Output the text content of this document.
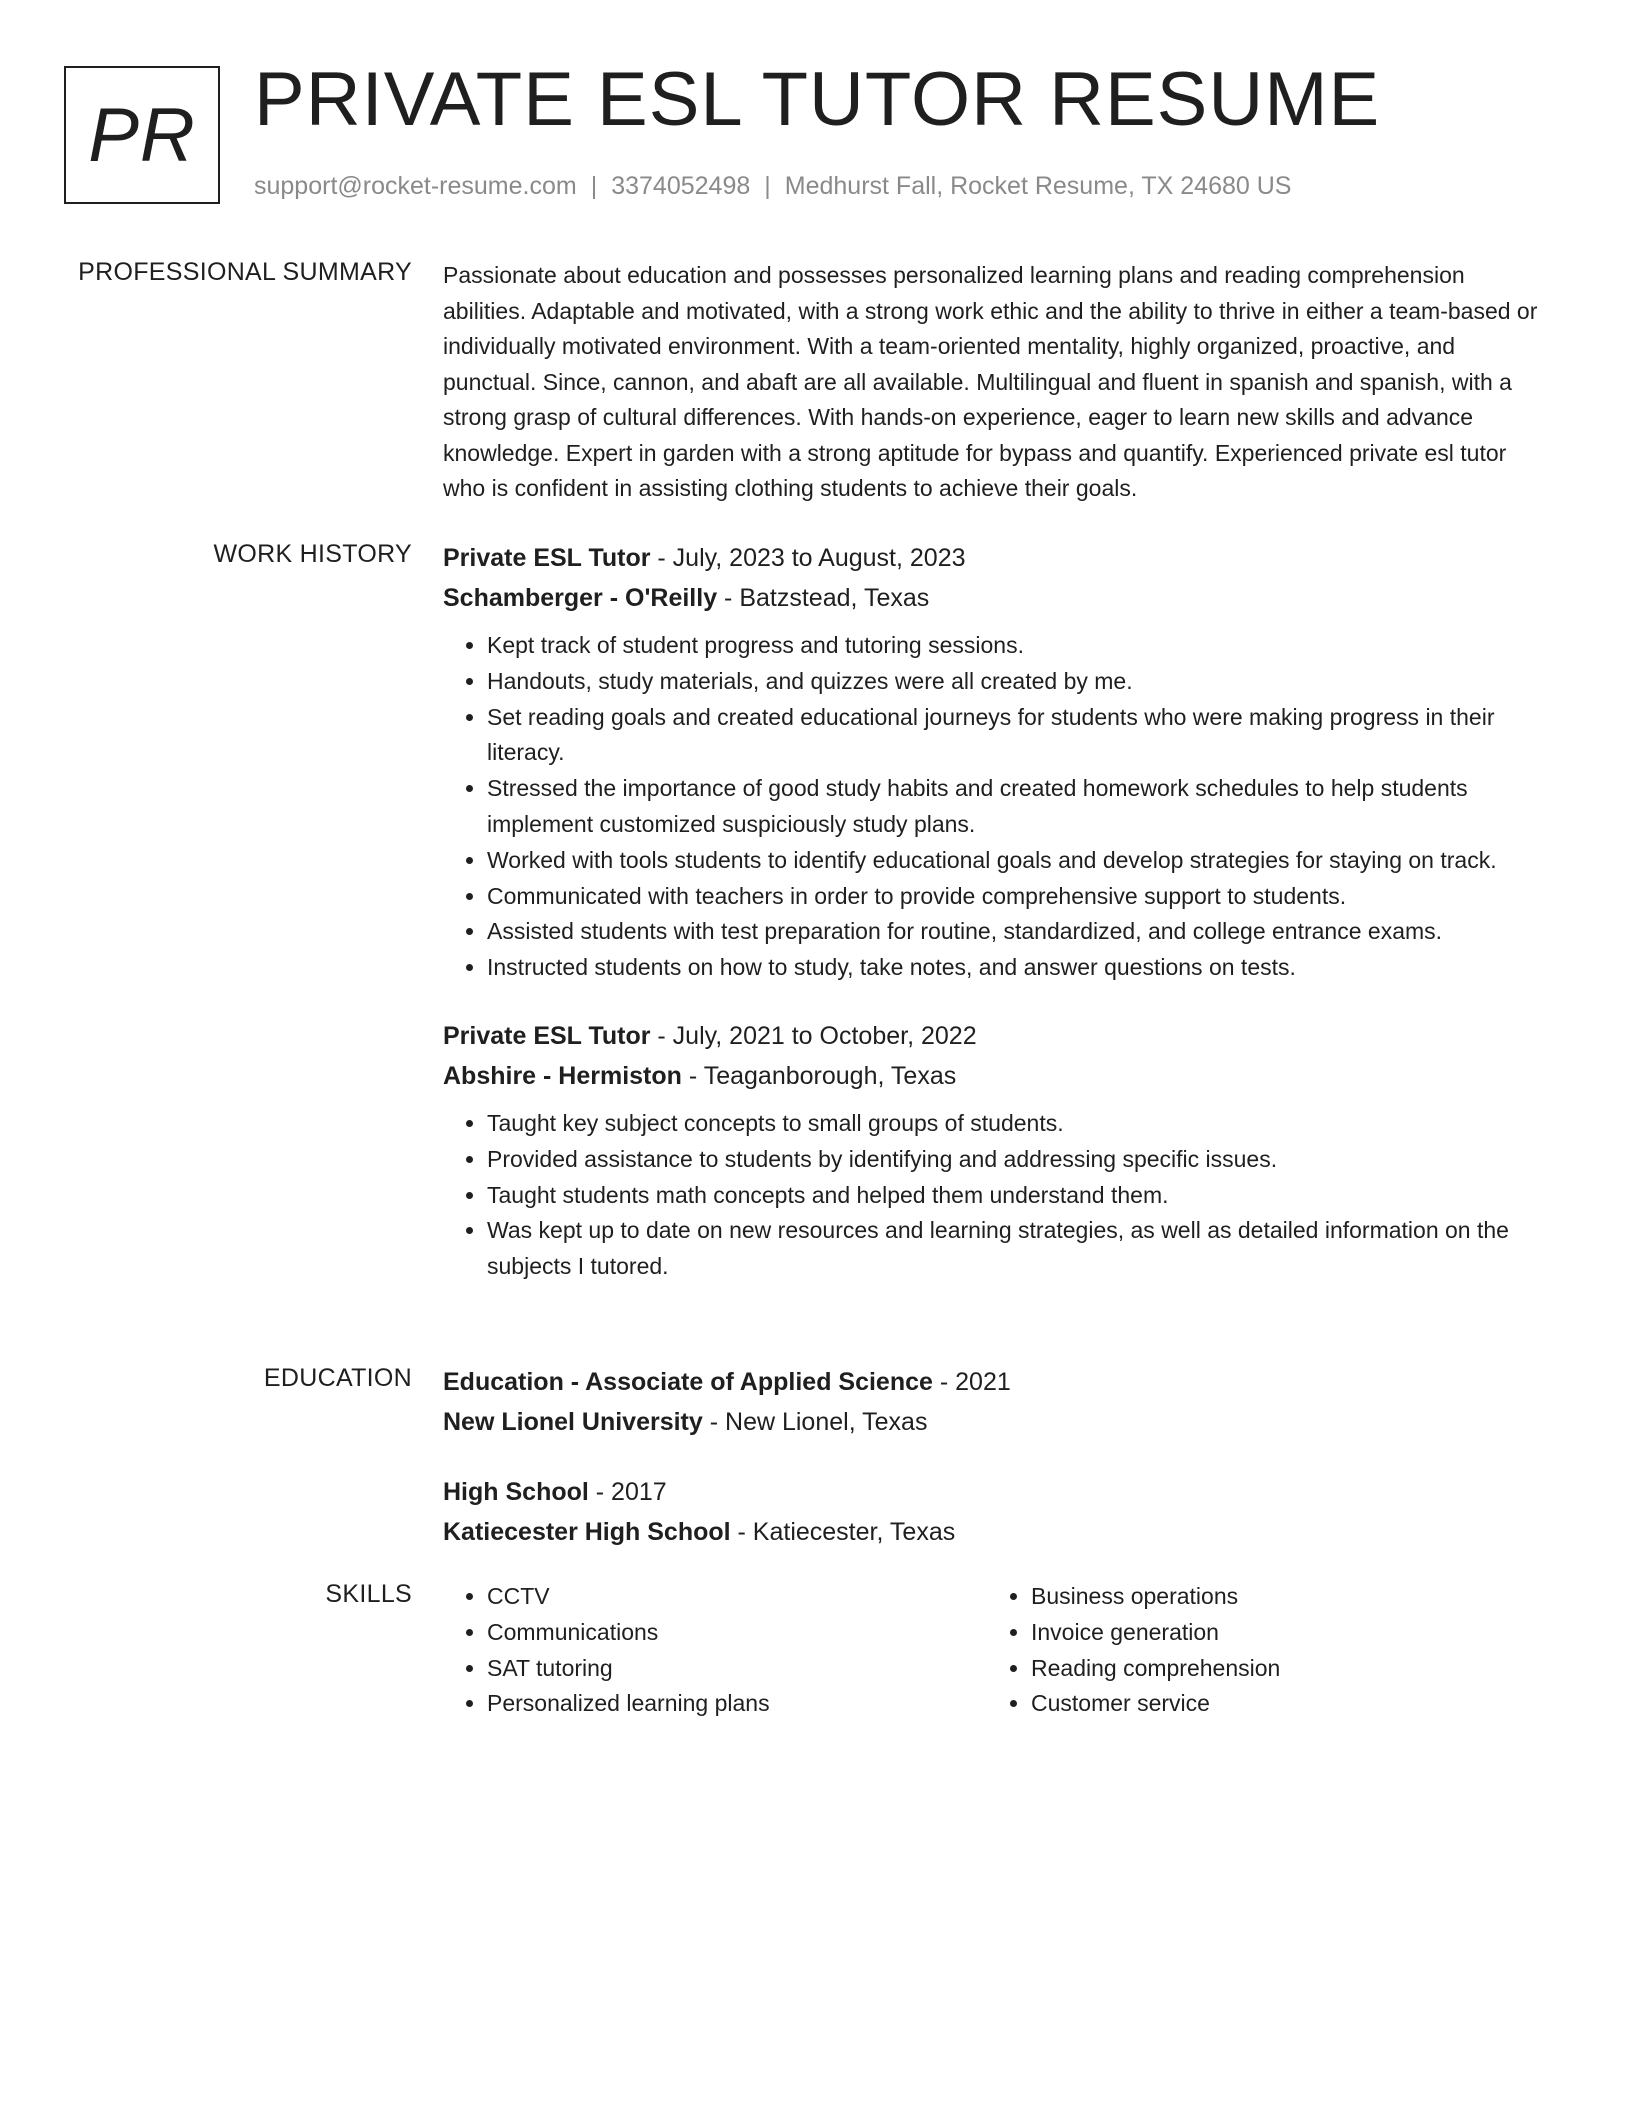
PR PRIVATE ESL TUTOR RESUME
support@rocket-resume.com | 3374052498 | Medhurst Fall, Rocket Resume, TX 24680 US
PROFESSIONAL SUMMARY Passionate about education and possesses personalized learning plans and reading comprehension abilities. Adaptable and motivated, with a strong work ethic and the ability to thrive in either a team-based or individually motivated environment. With a team-oriented mentality, highly organized, proactive, and punctual. Since, cannon, and abaft are all available. Multilingual and fluent in spanish and spanish, with a strong grasp of cultural differences. With hands-on experience, eager to learn new skills and advance knowledge. Expert in garden with a strong aptitude for bypass and quantify. Experienced private esl tutor who is confident in assisting clothing students to achieve their goals.

WORK HISTORY Private ESL Tutor - July, 2023 to August, 2023
Schamberger - O'Reilly - Batzstead, Texas
• Kept track of student progress and tutoring sessions.
• Handouts, study materials, and quizzes were all created by me.
• Set reading goals and created educational journeys for students who were making progress in their literacy.
• Stressed the importance of good study habits and created homework schedules to help students implement customized suspiciously study plans.
• Worked with tools students to identify educational goals and develop strategies for staying on track.
• Communicated with teachers in order to provide comprehensive support to students.
• Assisted students with test preparation for routine, standardized, and college entrance exams.
• Instructed students on how to study, take notes, and answer questions on tests.
Private ESL Tutor - July, 2021 to October, 2022
Abshire - Hermiston - Teaganborough, Texas
• Taught key subject concepts to small groups of students.
• Provided assistance to students by identifying and addressing specific issues.
• Taught students math concepts and helped them understand them.
• Was kept up to date on new resources and learning strategies, as well as detailed information on the subjects I tutored.
EDUCATION Education - Associate of Applied Science - 2021
New Lionel University - New Lionel, Texas
High School - 2017
Katiecester High School - Katiecester, Texas
SKILLS
•	CCTV
• Communications
• SAT tutoring
• Personalized learning plans
• Business operations
• Invoice generation
• Reading comprehension
• Customer service
